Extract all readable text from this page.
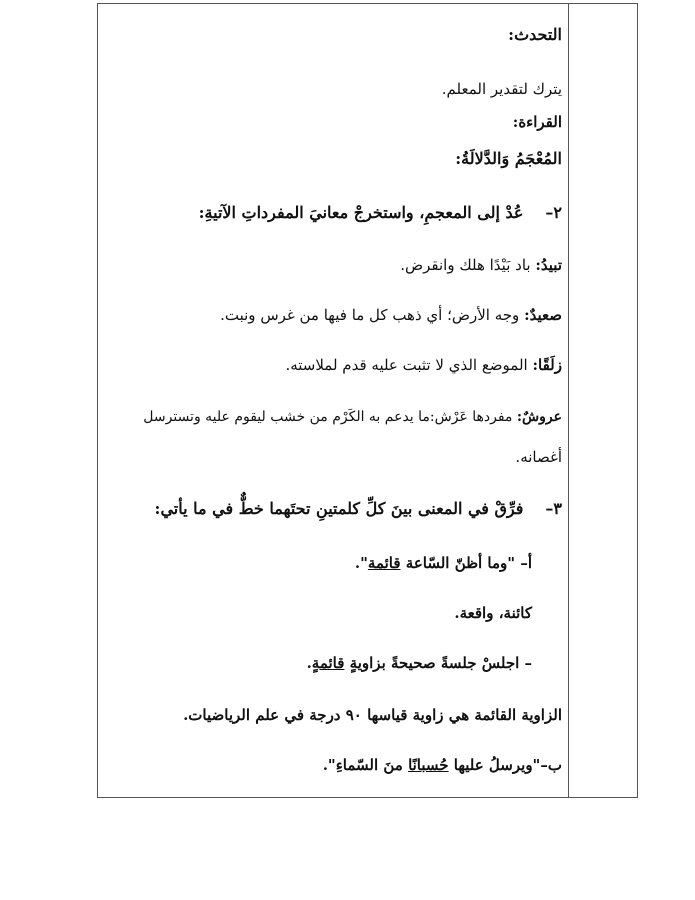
التحدث:
يترك لتقدير المعلم.
القراءة:
المُعْجَمُ وَالدَّلالَةُ:
٢–عُدْ إلى المعجمِ، واستخرجْ معانيَ المفرداتِ الآتيةِ:
تبيدُ: باد بَيْدًا هلك وانقرض.
صعيدٌ: وجه الأرض؛ أي ذهب كل ما فيها من غرس ونبت.
زلَقًا: الموضع الذي لا تثبت عليه قدم لملاسته.
عروشٌ: مفردها عَرْش:ما يدعم به الكَرْم من خشب ليقوم عليه وتسترسل
أغصانه.
٣–فرِّقْ في المعنى بينَ كلِّ كلمتينِ تحتَهما خطٌّ في ما يأتي:
أ– "وما أظنّ السّاعة قائمة".
كائنة، واقعة.
– اجلسْ جلسةً صحيحةً بزاويةٍ قائمةٍ.
الزاوية القائمة هي زاوية قياسها ٩٠ درجة في علم الرياضيات.
ب–"ويرسلُ عليها حُسبانًا منَ السّماءِ".
